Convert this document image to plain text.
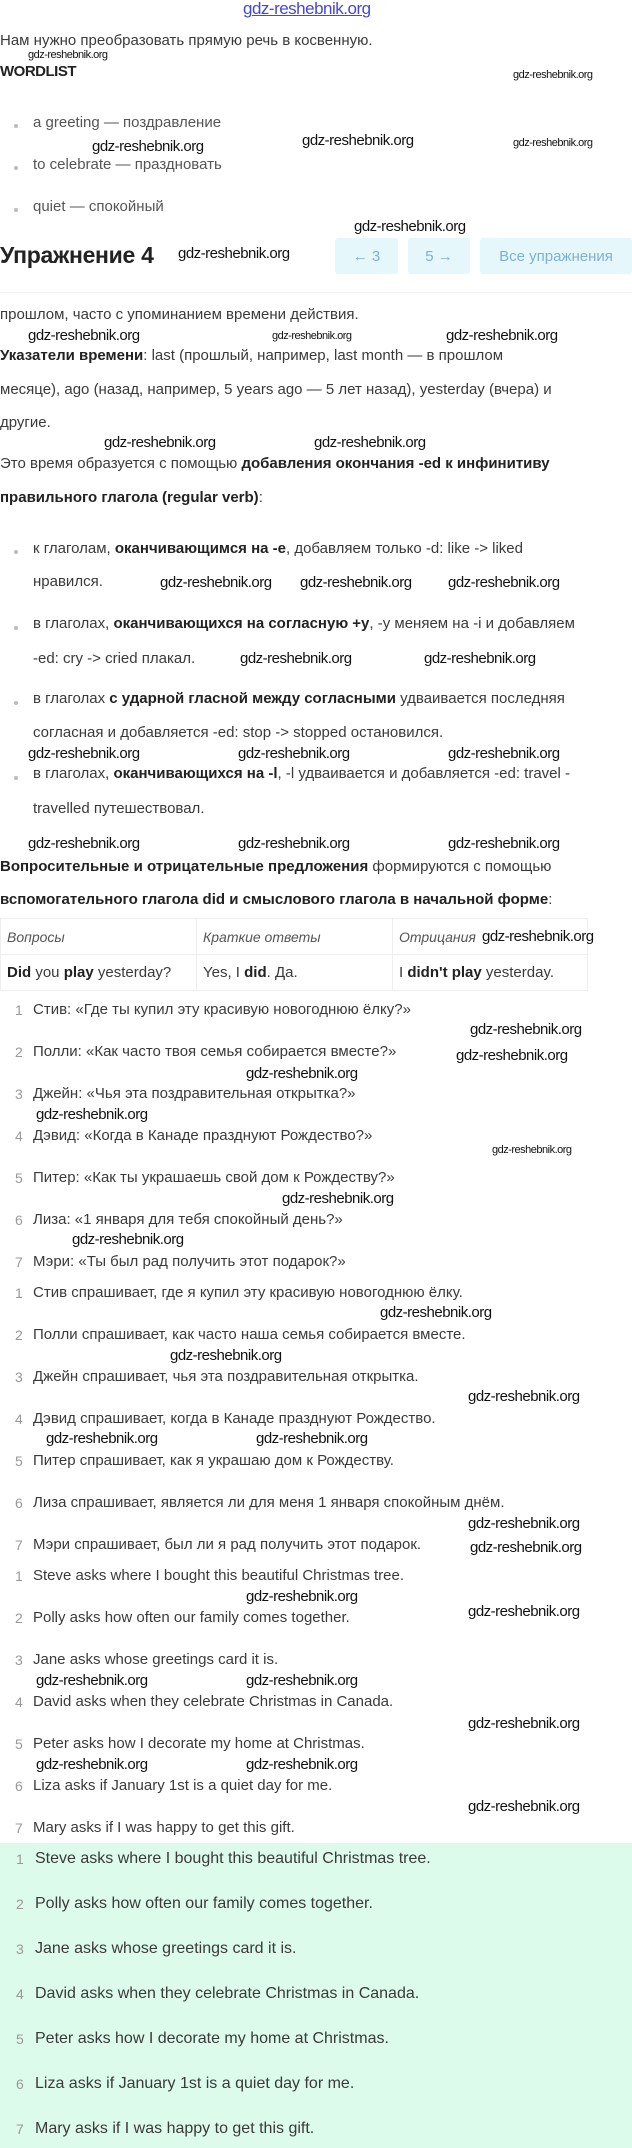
gdz-reshebnik.org
gdz-reshebnik.org
gdz-reshebnik.org
gdz-reshebnik.org	gdz-reshebnik.org	gdz-reshebnik.org
gdz-reshebnik.org
gdz-reshebnik.org
gdz-reshebnik.org	gdz-reshebnik.org	gdz-reshebnik.org
gdz-reshebnik.org	gdz-reshebnik.org
gdz-reshebnik.org gdz-reshebnik.org gdz-reshebnik.org
gdz-reshebnik.org	gdz-reshebnik.org
gdz-reshebnik.org	gdz-reshebnik.org	gdz-reshebnik.org
gdz-reshebnik.org	gdz-reshebnik.org	gdz-reshebnik.org
gdz-reshebnik.org
gdz-reshebnik.org
gdz-reshebnik.org
gdz-reshebnik.org
gdz-reshebnik.org
gdz-reshebnik.org
gdz-reshebnik.org
gdz-reshebnik.org
gdz-reshebnik.org
gdz-reshebnik.org
gdz-reshebnik.org
gdz-reshebnik.org	gdz-reshebnik.org
gdz-reshebnik.org
gdz-reshebnik.org
gdz-reshebnik.org
gdz-reshebnik.org
gdz-reshebnik.org	gdz-reshebnik.org
gdz-reshebnik.org
gdz-reshebnik.org	gdz-reshebnik.org
gdz-reshebnik.org
Нам нужно преобразовать прямую речь в косвенную.
WORDLIST
a greeting — поздравление
to celebrate — праздновать
quiet — спокойный
Упражнение 4	← 3	5 →	Все упражнения
прошлом, часто с упоминанием времени действия.
Указатели времени: last (прошлый, например, last month — в прошлом
месяце), ago (назад, например, 5 years ago — 5 лет назад), yesterday (вчера) и
другие.
Это время образуется с помощью добавления окончания -ed к инфинитиву
правильного глагола (regular verb):
к глаголам, оканчивающимся на -е, добавляем только -d: like -> liked
нравился.
в глаголах, оканчивающихся на согласную +у, -у меняем на -i и добавляем
-ed: cry -> cried плакал.
в глаголах с ударной гласной между согласными удваивается последняя
согласная и добавляется -ed: stop -> stopped остановился.
в глаголах, оканчивающихся на -l, -l удваивается и добавляется -ed: travel -
travelled путешествовал.
Вопросительные и отрицательные предложения формируются с помощью
вспомогательного глагола did и смыслового глагола в начальной форме:
Вопросы	Краткие ответы	Отрицания
Did you play yesterday?	Yes, I did. Да.	I didn't play yesterday.
1 Стив: «Где ты купил эту красивую новогоднюю ёлку?»
2 Полли: «Как часто твоя семья собирается вместе?»
3 Джейн: «Чья эта поздравительная открытка?»
4 Дэвид: «Когда в Канаде празднуют Рождество?»
5 Питер: «Как ты украшаешь свой дом к Рождеству?»
6 Лиза: «1 января для тебя спокойный день?»
7 Мэри: «Ты был рад получить этот подарок?»
1 Стив спрашивает, где я купил эту красивую новогоднюю ёлку.
2 Полли спрашивает, как часто наша семья собирается вместе.
3 Джейн спрашивает, чья эта поздравительная открытка.
4 Дэвид спрашивает, когда в Канаде празднуют Рождество.
5 Питер спрашивает, как я украшаю дом к Рождеству.
6 Лиза спрашивает, является ли для меня 1 января спокойным днём.
7 Мэри спрашивает, был ли я рад получить этот подарок.
1 Steve asks where I bought this beautiful Christmas tree.
2 Polly asks how often our family comes together.
3 Jane asks whose greetings card it is.
4 David asks when they celebrate Christmas in Canada.
5 Peter asks how I decorate my home at Christmas.
6 Liza asks if January 1st is a quiet day for me.
7 Mary asks if I was happy to get this gift.
1 Steve asks where I bought this beautiful Christmas tree.
2 Polly asks how often our family comes together.
3 Jane asks whose greetings card it is.
4 David asks when they celebrate Christmas in Canada.
5 Peter asks how I decorate my home at Christmas.
6 Liza asks if January 1st is a quiet day for me.
7 Mary asks if I was happy to get this gift.
